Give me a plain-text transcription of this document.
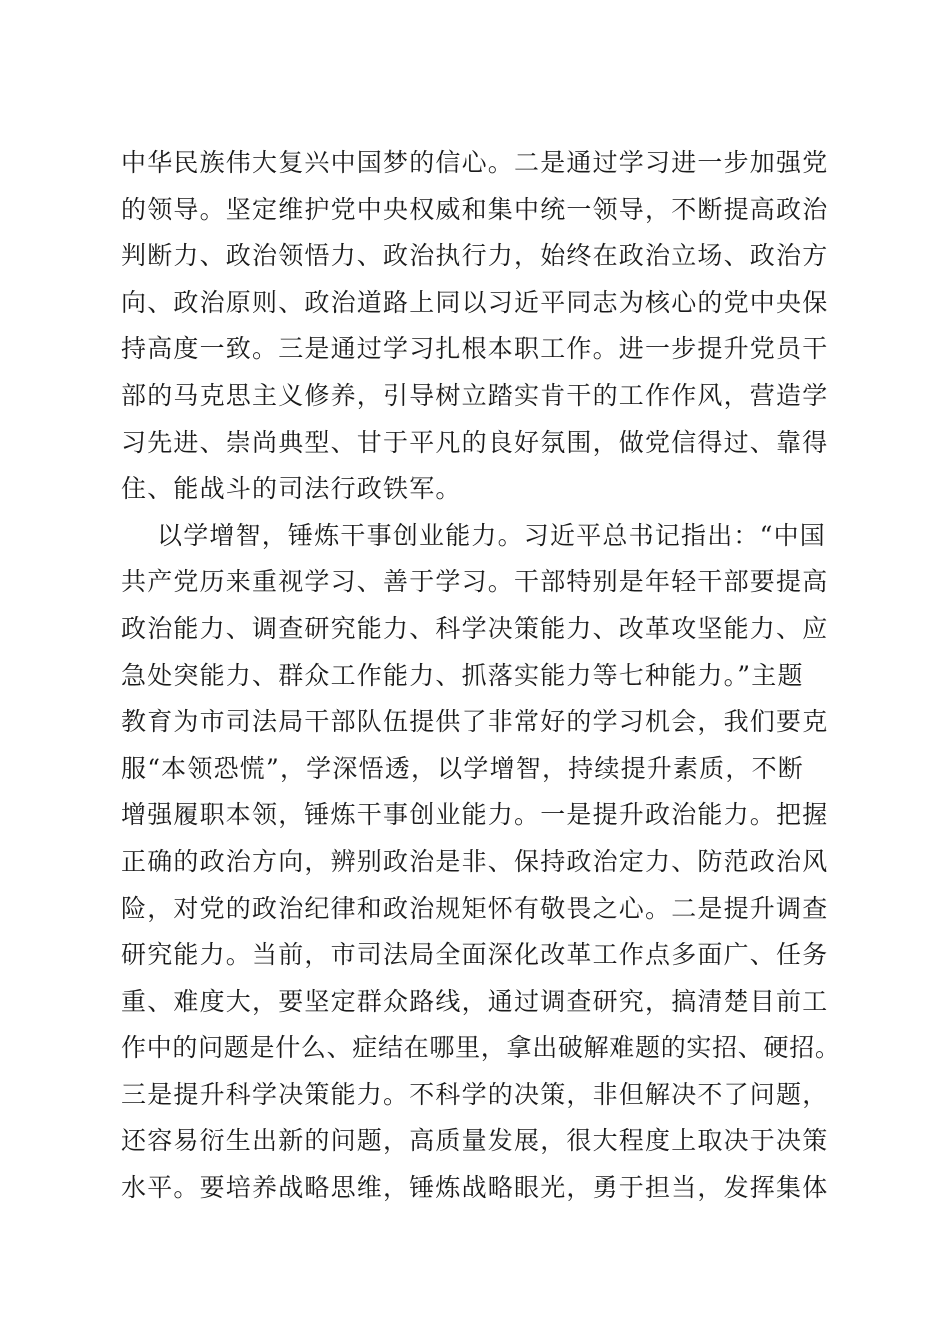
中华民族伟大复兴中国梦的信心。二是通过学习进一步加强党
的领导。坚定维护党中央权威和集中统一领导，不断提高政治
判断力、政治领悟力、政治执行力，始终在政治立场、政治方
向、政治原则、政治道路上同以习近平同志为核心的党中央保
持高度一致。三是通过学习扎根本职工作。进一步提升党员干
部的马克思主义修养，引导树立踏实肯干的工作作风，营造学
习先进、崇尚典型、甘于平凡的良好氛围，做党信得过、靠得
住、能战斗的司法行政铁军。
以学增智，锤炼干事创业能力。习近平总书记指出：“中国
共产党历来重视学习、善于学习。干部特别是年轻干部要提高
政治能力、调查研究能力、科学决策能力、改革攻坚能力、应
急处突能力、群众工作能力、抓落实能力等七种能力。”主题
教育为市司法局干部队伍提供了非常好的学习机会，我们要克
服“本领恐慌”，学深悟透，以学增智，持续提升素质，不断
增强履职本领，锤炼干事创业能力。一是提升政治能力。把握
正确的政治方向，辨别政治是非、保持政治定力、防范政治风
险，对党的政治纪律和政治规矩怀有敬畏之心。二是提升调查
研究能力。当前，市司法局全面深化改革工作点多面广、任务
重、难度大，要坚定群众路线，通过调查研究，搞清楚目前工
作中的问题是什么、症结在哪里，拿出破解难题的实招、硬招。
三是提升科学决策能力。不科学的决策，非但解决不了问题，
还容易衍生出新的问题，高质量发展，很大程度上取决于决策
水平。要培养战略思维，锤炼战略眼光，勇于担当，发挥集体
